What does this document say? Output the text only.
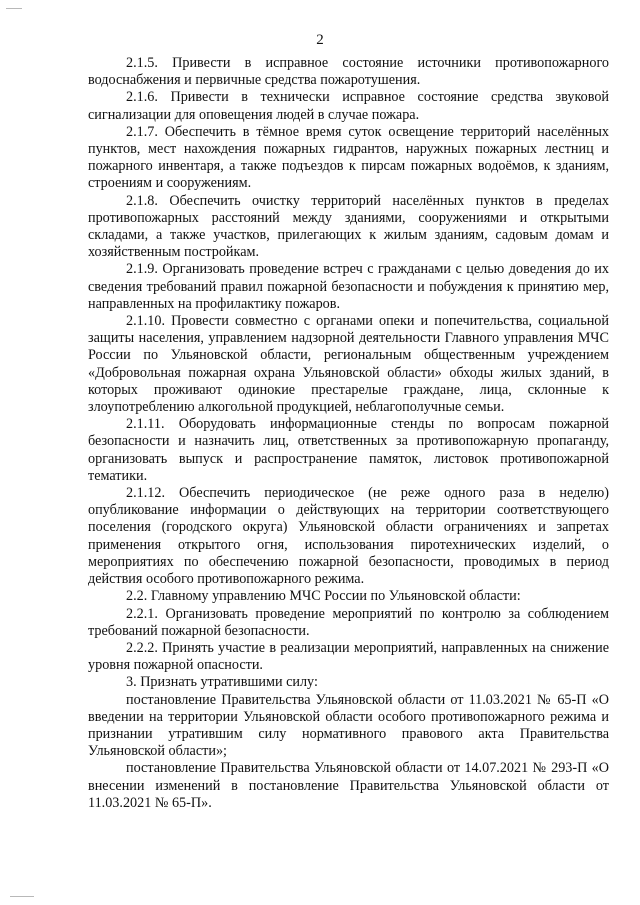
2

2.1.5. Привести в исправное состояние источники противопожарного водоснабжения и первичные средства пожаротушения.

2.1.6. Привести в технически исправное состояние средства звуковой сигнализации для оповещения людей в случае пожара.

2.1.7. Обеспечить в тёмное время суток освещение территорий населённых пунктов, мест нахождения пожарных гидрантов, наружных пожарных лестниц и пожарного инвентаря, а также подъездов к пирсам пожарных водоёмов, к зданиям, строениям и сооружениям.

2.1.8. Обеспечить очистку территорий населённых пунктов в пределах противопожарных расстояний между зданиями, сооружениями и открытыми складами, а также участков, прилегающих к жилым зданиям, садовым домам и хозяйственным постройкам.

2.1.9. Организовать проведение встреч с гражданами с целью доведения до их сведения требований правил пожарной безопасности и побуждения к принятию мер, направленных на профилактику пожаров.

2.1.10. Провести совместно с органами опеки и попечительства, социальной защиты населения, управлением надзорной деятельности Главного управления МЧС России по Ульяновской области, региональным общественным учреждением «Добровольная пожарная охрана Ульяновской области» обходы жилых зданий, в которых проживают одинокие престарелые граждане, лица, склонные к злоупотреблению алкогольной продукцией, неблагополучные семьи.

2.1.11. Оборудовать информационные стенды по вопросам пожарной безопасности и назначить лиц, ответственных за противопожарную пропаганду, организовать выпуск и распространение памяток, листовок противопожарной тематики.

2.1.12. Обеспечить периодическое (не реже одного раза в неделю) опубликование информации о действующих на территории соответствующего поселения (городского округа) Ульяновской области ограничениях и запретах применения открытого огня, использования пиротехнических изделий, о мероприятиях по обеспечению пожарной безопасности, проводимых в период действия особого противопожарного режима.

2.2. Главному управлению МЧС России по Ульяновской области:

2.2.1. Организовать проведение мероприятий по контролю за соблюдением требований пожарной безопасности.

2.2.2. Принять участие в реализации мероприятий, направленных на снижение уровня пожарной опасности.

3. Признать утратившими силу:

постановление Правительства Ульяновской области от 11.03.2021 № 65-П «О введении на территории Ульяновской области особого противопожарного режима и признании утратившим силу нормативного правового акта Правительства Ульяновской области»;

постановление Правительства Ульяновской области от 14.07.2021 № 293-П «О внесении изменений в постановление Правительства Ульяновской области от 11.03.2021 № 65-П».
